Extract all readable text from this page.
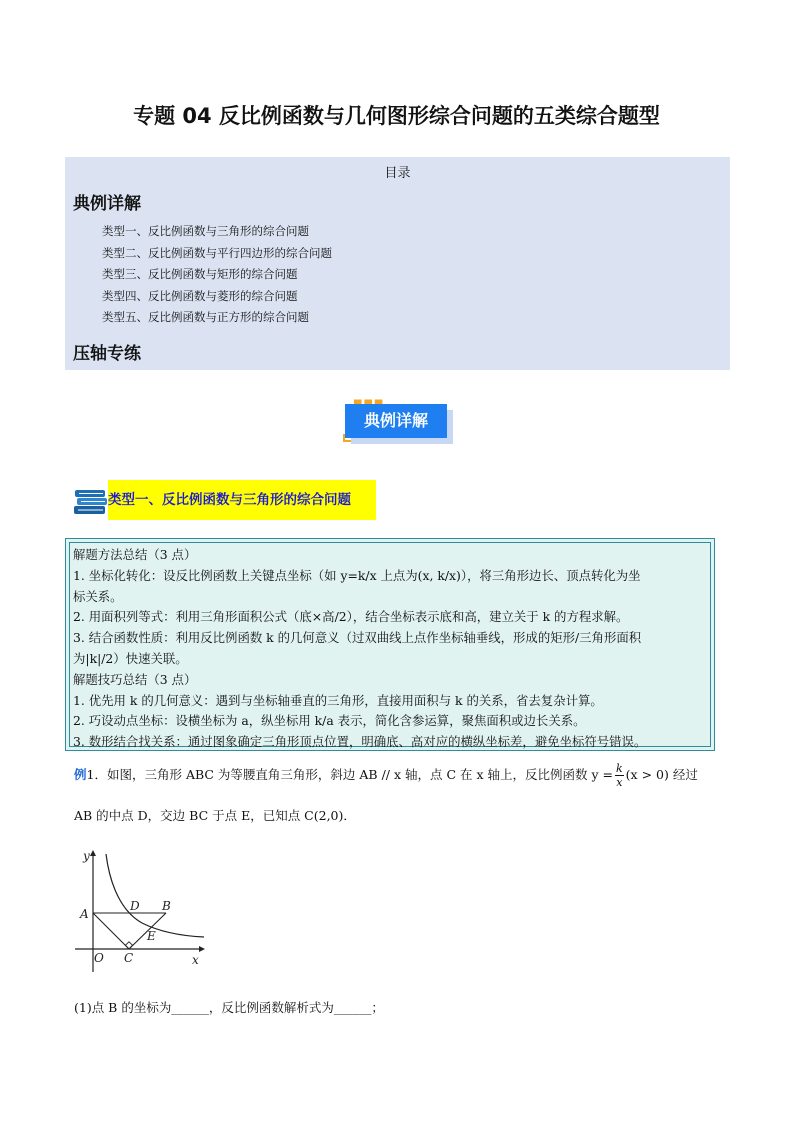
专题 04 反比例函数与几何图形综合问题的五类综合题型
目录
典例详解
类型一、反比例函数与三角形的综合问题
类型二、反比例函数与平行四边形的综合问题
类型三、反比例函数与矩形的综合问题
类型四、反比例函数与菱形的综合问题
类型五、反比例函数与正方形的综合问题
压轴专练
典例详解
类型一、反比例函数与三角形的综合问题

解题方法总结（3 点）

1. 坐标化转化：设反比例函数上关键点坐标（如 y=k/x 上点为(x, k/x)），将三角形边长、顶点转化为坐

标关系。

2. 用面积列等式：利用三角形面积公式（底×高/2），结合坐标表示底和高，建立关于 k 的方程求解。

3. 结合函数性质：利用反比例函数 k 的几何意义（过双曲线上点作坐标轴垂线，形成的矩形/三角形面积

为|k|/2）快速关联。

解题技巧总结（3 点）

1. 优先用 k 的几何意义：遇到与坐标轴垂直的三角形，直接用面积与 k 的关系，省去复杂计算。

2. 巧设动点坐标：设横坐标为 a，纵坐标用 k/a 表示，简化含参运算，聚焦面积或边长关系。

3. 数形结合找关系：通过图象确定三角形顶点位置，明确底、高对应的横纵坐标差，避免坐标符号错误。

例1．如图，三角形 ABC 为等腰直角三角形，斜边 AB // x 轴，点 C 在 x 轴上，反比例函数 $y = \frac{k}{x} (x > 0)$ 经过
AB 的中点 D，交边 BC 于点 E，已知点 C(2,0)．
y
x
O
A
B
C
D
E
(1)点 B 的坐标为______，反比例函数解析式为______；
